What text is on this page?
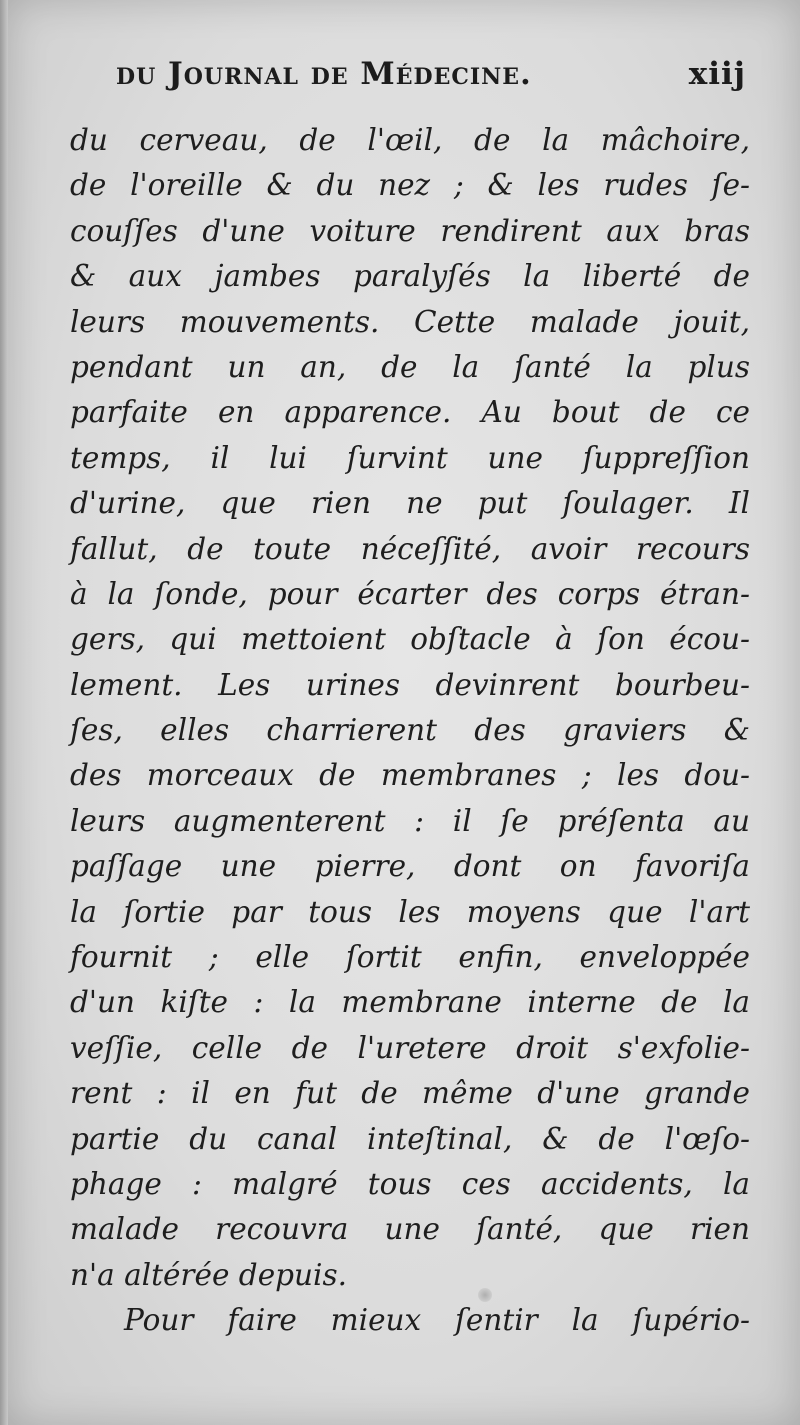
du Journal de Médecine.	xiij
du cerveau, de l'œil, de la mâchoire,
de l'oreille & du nez ; & les rudes ſe-
couſſes d'une voiture rendirent aux bras
& aux jambes paralyſés la liberté de
leurs mouvements. Cette malade jouit,
pendant un an, de la ſanté la plus
parfaite en apparence. Au bout de ce
temps, il lui ſurvint une ſuppreſſion
d'urine, que rien ne put ſoulager. Il
fallut, de toute néceſſité, avoir recours
à la ſonde, pour écarter des corps étran-
gers, qui mettoient obſtacle à ſon écou-
lement. Les urines devinrent bourbeu-
ſes, elles charrierent des graviers &
des morceaux de membranes ; les dou-
leurs augmenterent : il ſe préſenta au
paſſage une pierre, dont on favoriſa
la ſortie par tous les moyens que l'art
fournit ; elle ſortit enfin, enveloppée
d'un kiſte : la membrane interne de la
veſſie, celle de l'uretere droit s'exfolie-
rent : il en fut de même d'une grande
partie du canal inteſtinal, & de l'œſo-
phage : malgré tous ces accidents, la
malade recouvra une ſanté, que rien
n'a altérée depuis.
Pour faire mieux ſentir la ſupério-
